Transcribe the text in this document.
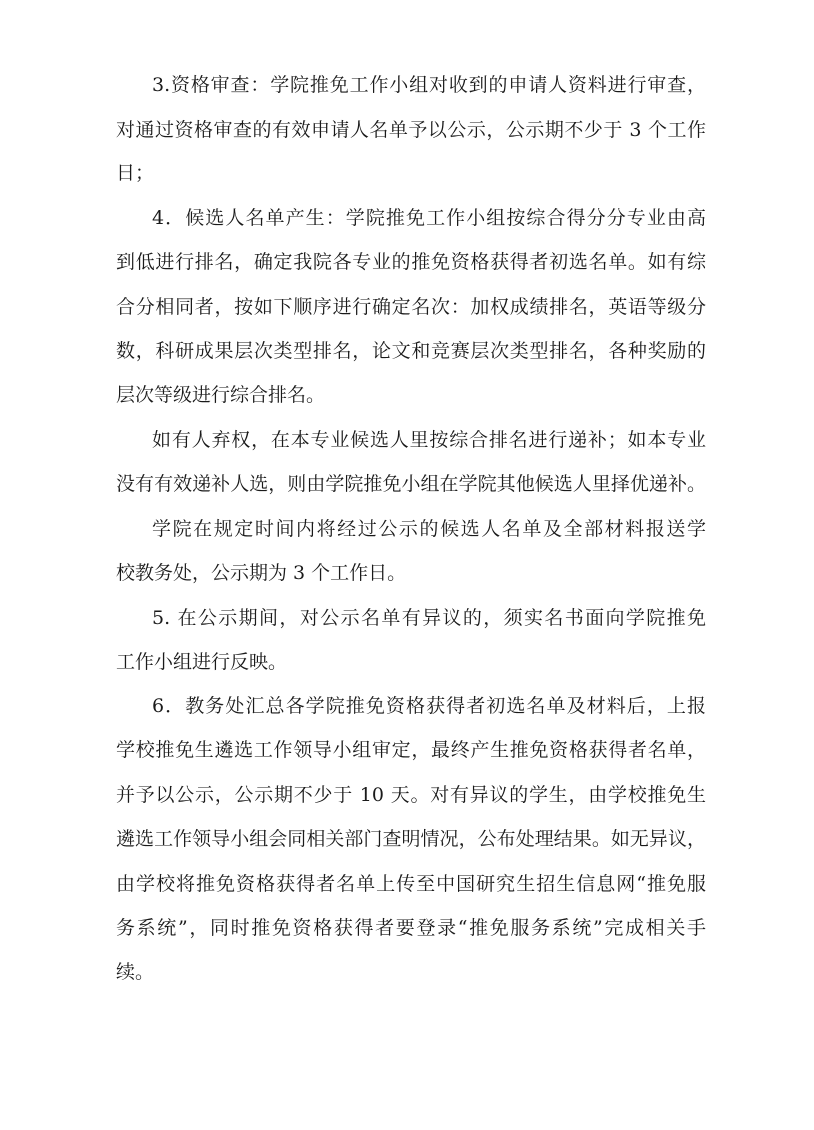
3.资格审查：学院推免工作小组对收到的申请人资料进行审查，
对通过资格审查的有效申请人名单予以公示，公示期不少于 3 个工作
日；
4．候选人名单产生：学院推免工作小组按综合得分分专业由高
到低进行排名，确定我院各专业的推免资格获得者初选名单。如有综
合分相同者，按如下顺序进行确定名次：加权成绩排名，英语等级分
数，科研成果层次类型排名，论文和竞赛层次类型排名，各种奖励的
层次等级进行综合排名。
如有人弃权，在本专业候选人里按综合排名进行递补；如本专业
没有有效递补人选，则由学院推免小组在学院其他候选人里择优递补。
学院在规定时间内将经过公示的候选人名单及全部材料报送学
校教务处，公示期为 3 个工作日。
5. 在公示期间，对公示名单有异议的，须实名书面向学院推免
工作小组进行反映。
6．教务处汇总各学院推免资格获得者初选名单及材料后，上报
学校推免生遴选工作领导小组审定，最终产生推免资格获得者名单，
并予以公示，公示期不少于 10 天。对有异议的学生，由学校推免生
遴选工作领导小组会同相关部门查明情况，公布处理结果。如无异议，
由学校将推免资格获得者名单上传至中国研究生招生信息网“推免服
务系统”，同时推免资格获得者要登录“推免服务系统”完成相关手
续。
